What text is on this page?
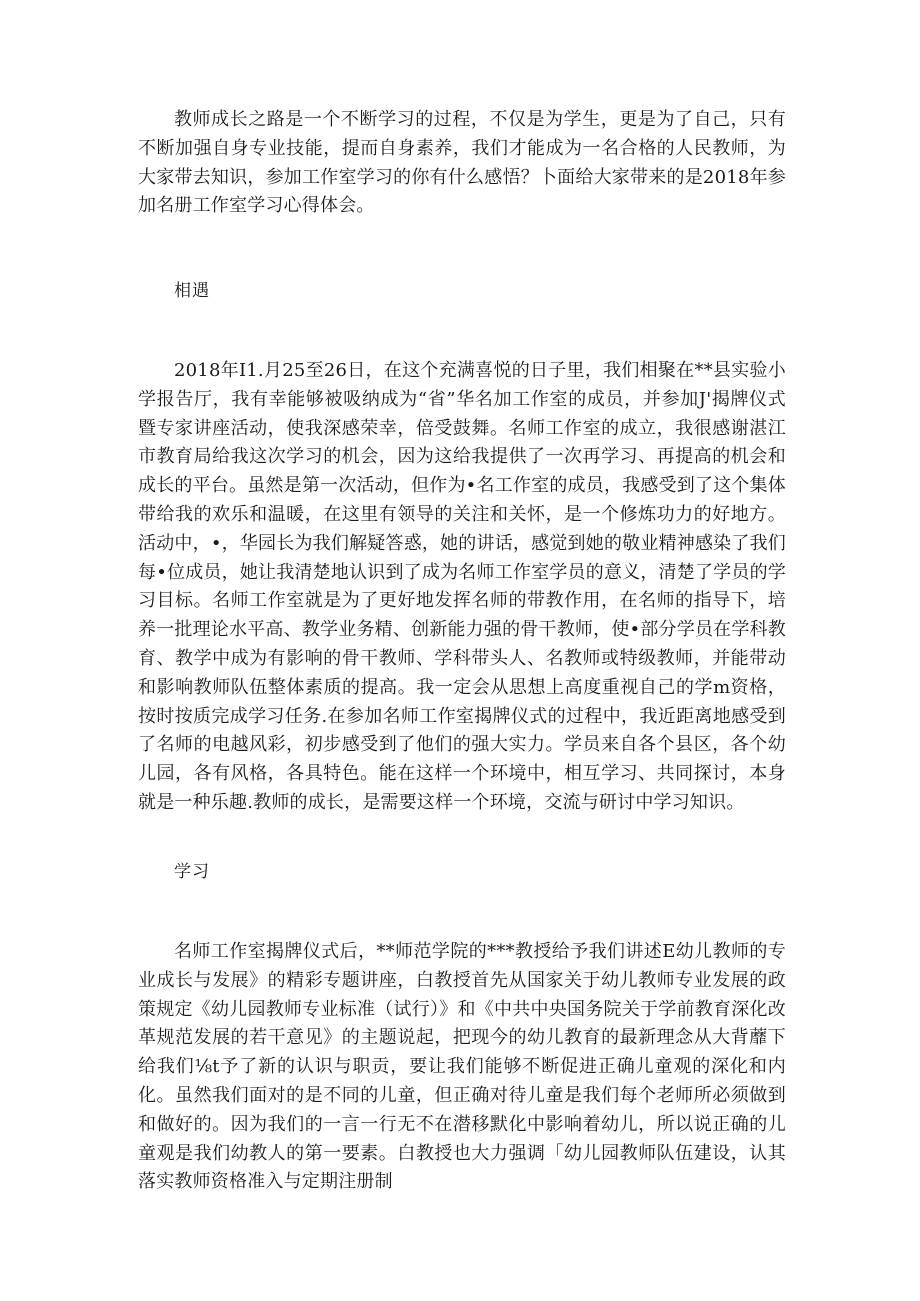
教师成长之路是一个不断学习的过程，不仅是为学生，更是为了自己，只有不断加强自身专业技能，提而自身素养，我们才能成为一名合格的人民教师，为大家带去知识，参加工作室学习的你有什么感悟？卜面给大家带来的是2018年参加名册工作室学习心得体会。

相遇

2018年I1.月25至26日，在这个充满喜悦的日子里，我们相聚在**县实验小学报告厅，我有幸能够被吸纳成为“省”华名加工作室的成员，并参加J'揭牌仪式暨专家讲座活动，使我深感荣幸，倍受鼓舞。名师工作室的成立，我很感谢湛江市教育局给我这次学习的机会，因为这给我提供了一次再学习、再提高的机会和成长的平台。虽然是第一次活动，但作为•名工作室的成员，我感受到了这个集体带给我的欢乐和温暖，在这里有领导的关注和关怀，是一个修炼功力的好地方。活动中，•，华园长为我们解疑答惑，她的讲话，感觉到她的敬业精神感染了我们每•位成员，她让我清楚地认识到了成为名师工作室学员的意义，清楚了学员的学习目标。名师工作室就是为了更好地发挥名师的带教作用，在名师的指导下，培养一批理论水平高、教学业务精、创新能力强的骨干教师，使•部分学员在学科教育、教学中成为有影响的骨干教师、学科带头人、名教师或特级教师，并能带动和影响教师队伍整体素质的提高。我一定会从思想上高度重视自己的学m资格，按时按质完成学习任务.在参加名师工作室揭牌仪式的过程中，我近距离地感受到了名师的电越风彩，初步感受到了他们的强大实力。学员来自各个县区，各个幼儿园，各有风格，各具特色。能在这样一个环境中，相互学习、共同探讨，本身就是一种乐趣.教师的成长，是需要这样一个环境，交流与研讨中学习知识。

学习

名师工作室揭牌仪式后，**师范学院的***教授给予我们讲述E幼儿教师的专业成长与发展》的精彩专题讲座，白教授首先从国家关于幼儿教师专业发展的政策规定《幼儿园教师专业标准（试行）》和《中共中央国务院关于学前教育深化改革规范发展的若干意见》的主题说起，把现今的幼儿教育的最新理念从大背蘼下给我们⅛t予了新的认识与职贡，要让我们能够不断促进正确儿童观的深化和内化。虽然我们面对的是不同的儿童，但正确对待儿童是我们每个老师所必须做到和做好的。因为我们的一言一行无不在潜移默化中影响着幼儿，所以说正确的儿童观是我们幼教人的第一要素。白教授也大力强调「幼儿园教师队伍建设，认其落实教师资格准入与定期注册制
